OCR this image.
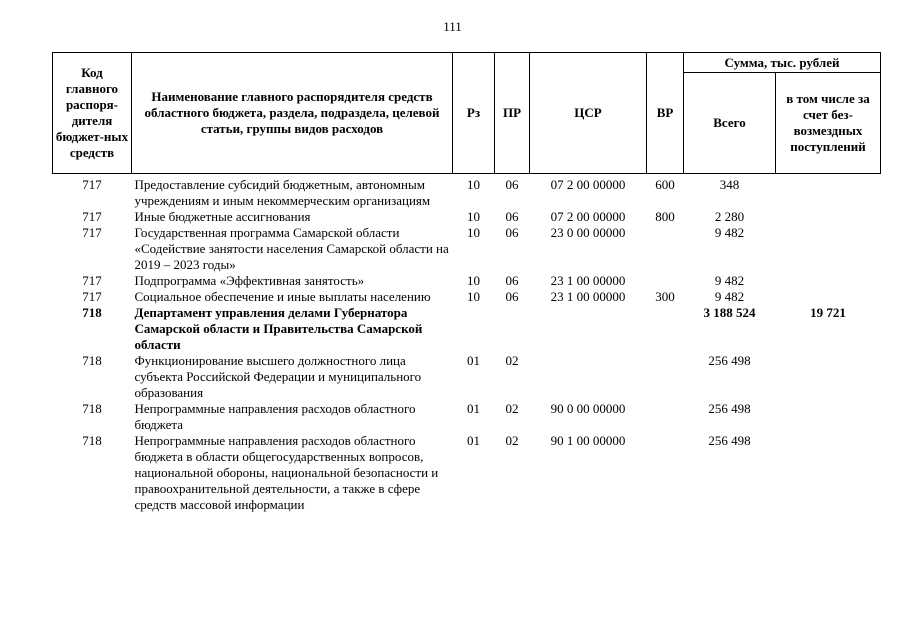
111
Код главного распоря-дителя бюджет-ных средств	Наименование главного распорядителя средств областного бюджета, раздела, подраздела, целевой статьи, группы видов расходов	Рз	ПР	ЦСР	ВР	Сумма, тыс. рублей	
						Всего	в том числе за счет без-возмездных поступлений
717	Предоставление субсидий бюджетным, автономным учреждениям и иным некоммерческим организациям	10	06	07 2 00 00000	600	348	
717	Иные бюджетные ассигнования	10	06	07 2 00 00000	800	2 280	
717	Государственная программа Самарской области «Содействие занятости населения Самарской области на 2019 – 2023 годы»	10	06	23 0 00 00000		9 482	
717	Подпрограмма «Эффективная занятость»	10	06	23 1 00 00000		9 482	
717	Социальное обеспечение и иные выплаты населению	10	06	23 1 00 00000	300	9 482	
718	Департамент управления делами Губернатора Самарской области и Правительства Самарской области					3 188 524	19 721
718	Функционирование высшего должностного лица субъекта Российской Федерации и муниципального образования	01	02			256 498	
718	Непрограммные направления расходов областного бюджета	01	02	90 0 00 00000		256 498	
718	Непрограммные направления расходов областного бюджета в области общегосударственных вопросов, национальной обороны, национальной безопасности и правоохранительной деятельности, а также в сфере средств массовой информации	01	02	90 1 00 00000		256 498	
